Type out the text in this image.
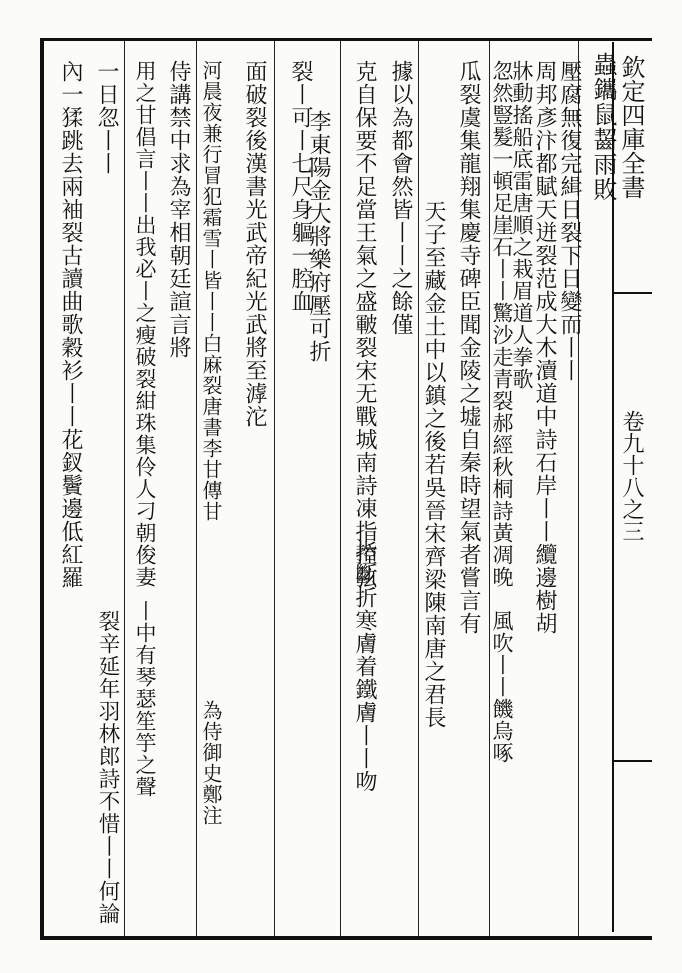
欽定四庫全書
卷九十八之三
蟲鑴鼠齧雨敗
壓腐無復完緝日裂下日變而丨丨
周邦彥汴都賦天迸裂范成大木瀆道中詩石岸丨丨纜邊樹胡
牀動搖船底雷唐順之栽眉道人拳歌
忽然豎髮一頓足崖石丨丨驚沙走青裂郝經秋桐詩黃凋晚
風吹丨丨饑烏啄
瓜裂虞集龍翔集慶寺碑臣聞金陵之墟自秦時望氣者嘗言有
天子至藏金土中以鎮之後若吳晉宋齊梁陳南唐之君長
據以為都會然皆丨丨之餘僅
克自保要不足當王氣之盛皸裂宋无戰城南詩凍指控弦
指斷折寒膚着鐵膚丨丨吻
裂丨可丨七尺身軀一腔血
李東陽金大將樂府壓可折
面破裂後漢書光武帝紀光武將至滹沱
河晨夜兼行冒犯霜雪丨皆丨丨白麻裂唐書李甘傳甘
為侍御史鄭注
侍講禁中求為宰相朝廷諠言將
用之甘倡言丨丨出我必丨之瘦破裂紺珠集伶人刁朝俊妻
丨中有琴瑟笙竽之聲
一日忽丨丨
內一猱跳去兩袖裂古讀曲歌穀衫丨丨花釵鬢邊低紅羅
裂辛延年羽林郎詩不惜丨丨何論
